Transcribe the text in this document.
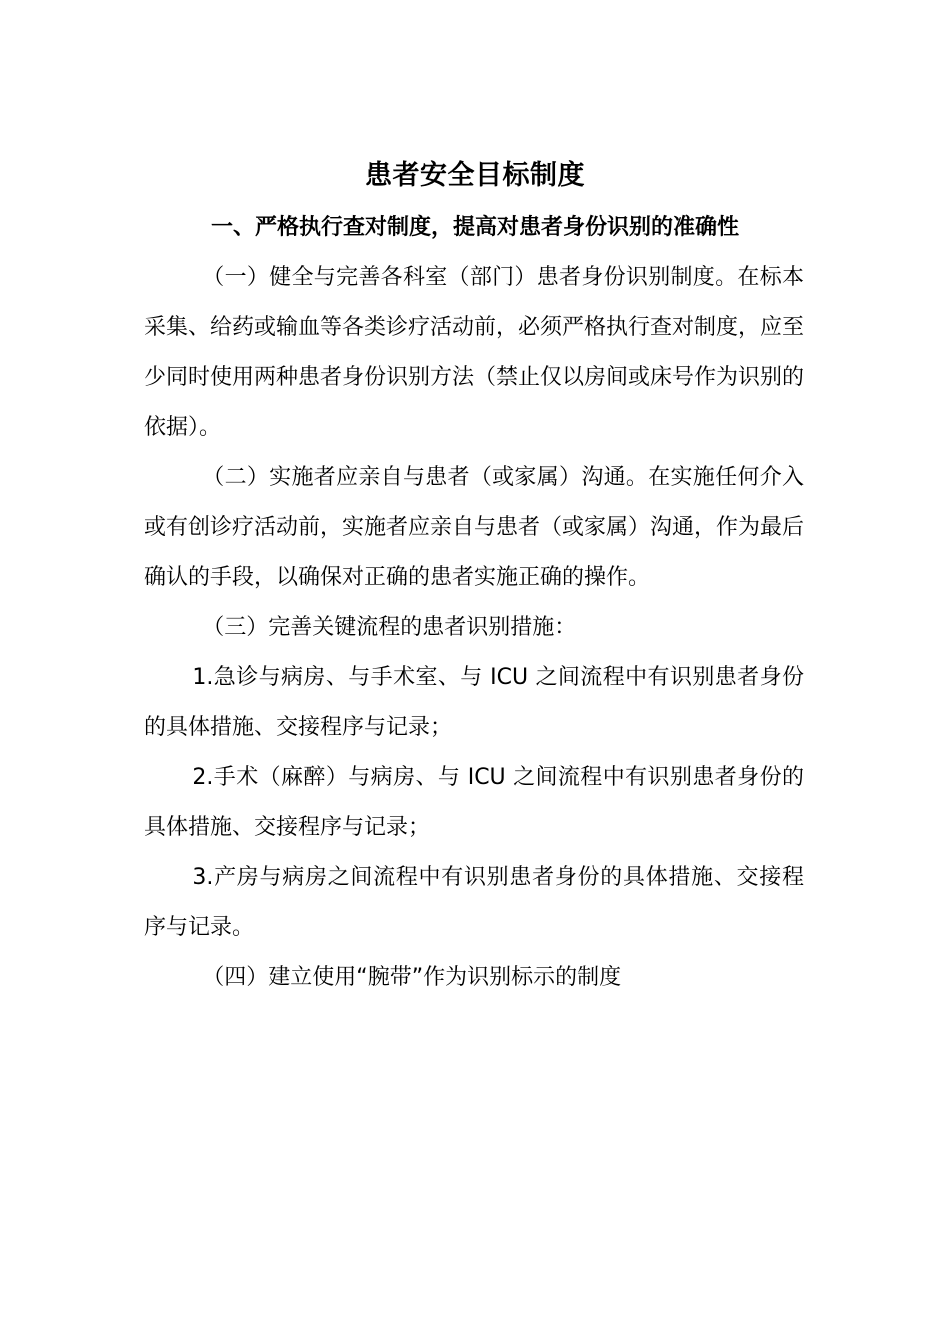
患者安全目标制度
一、严格执行查对制度，提高对患者身份识别的准确性

（一）健全与完善各科室（部门）患者身份识别制度。在标本采集、给药或输血等各类诊疗活动前，必须严格执行查对制度，应至少同时使用两种患者身份识别方法（禁止仅以房间或床号作为识别的依据）。

（二）实施者应亲自与患者（或家属）沟通。在实施任何介入或有创诊疗活动前，实施者应亲自与患者（或家属）沟通，作为最后确认的手段，以确保对正确的患者实施正确的操作。

（三）完善关键流程的患者识别措施：

1.急诊与病房、与手术室、与 ICU 之间流程中有识别患者身份的具体措施、交接程序与记录；

2.手术（麻醉）与病房、与 ICU 之间流程中有识别患者身份的具体措施、交接程序与记录；

3.产房与病房之间流程中有识别患者身份的具体措施、交接程序与记录。

（四）建立使用“腕带”作为识别标示的制度
